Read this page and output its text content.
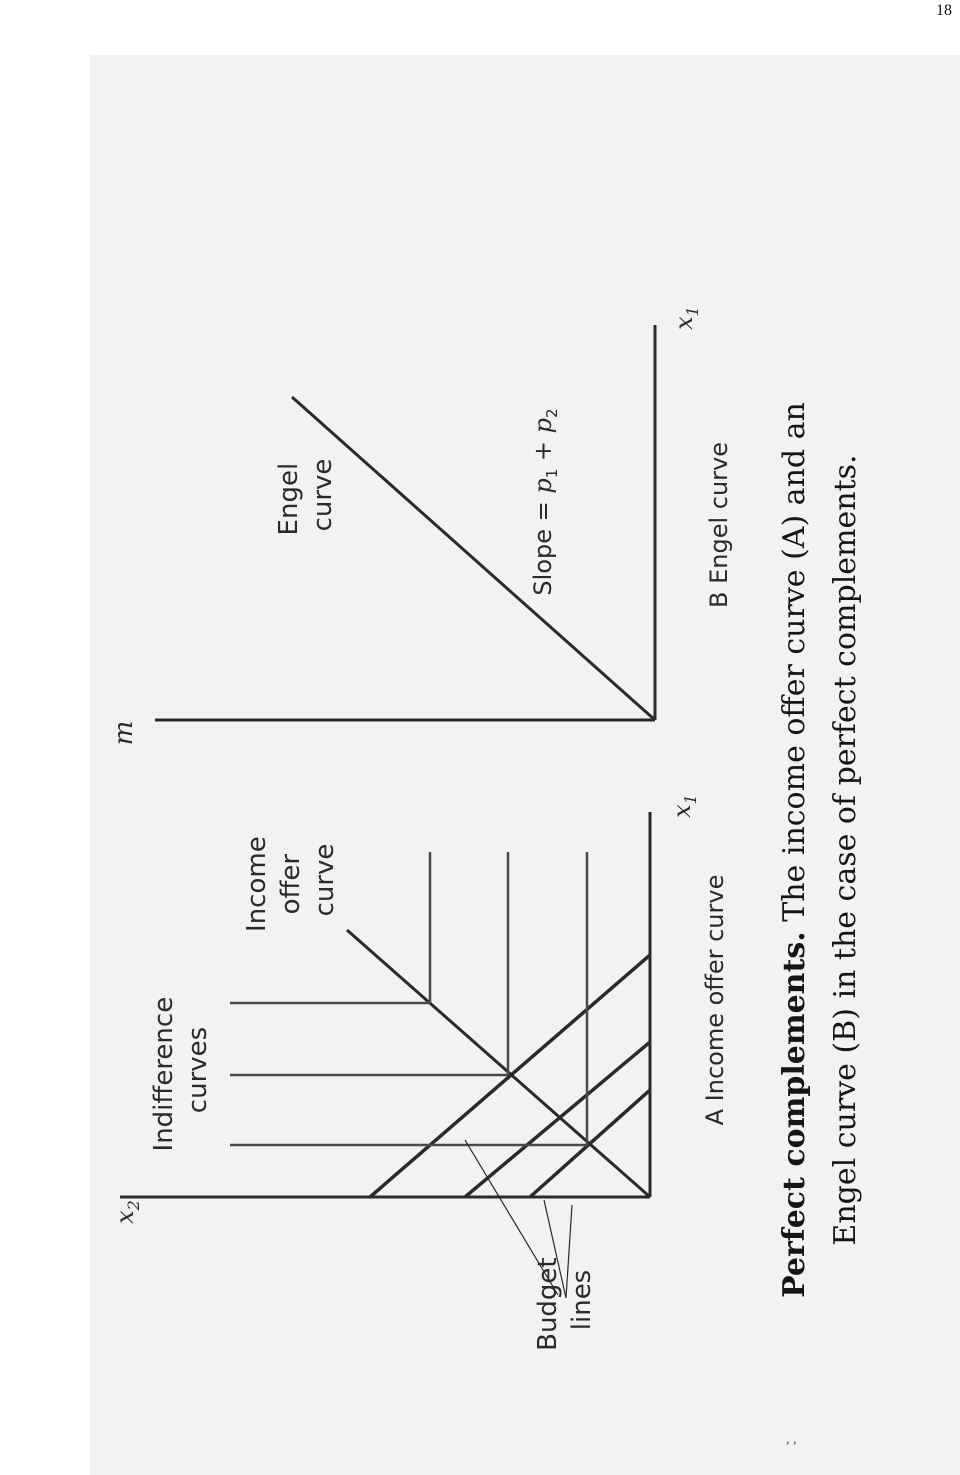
18
$x_2$
$x_1$
Indifference curves
Income offer curve
Budget lines
A Income offer curve
m
$x_1$
Engel curve	Slope = $p_1 + p_2$
B Engel curve
Perfect complements. The income offer curve (A) and an Engel curve (B) in the case of perfect complements.
, ,
